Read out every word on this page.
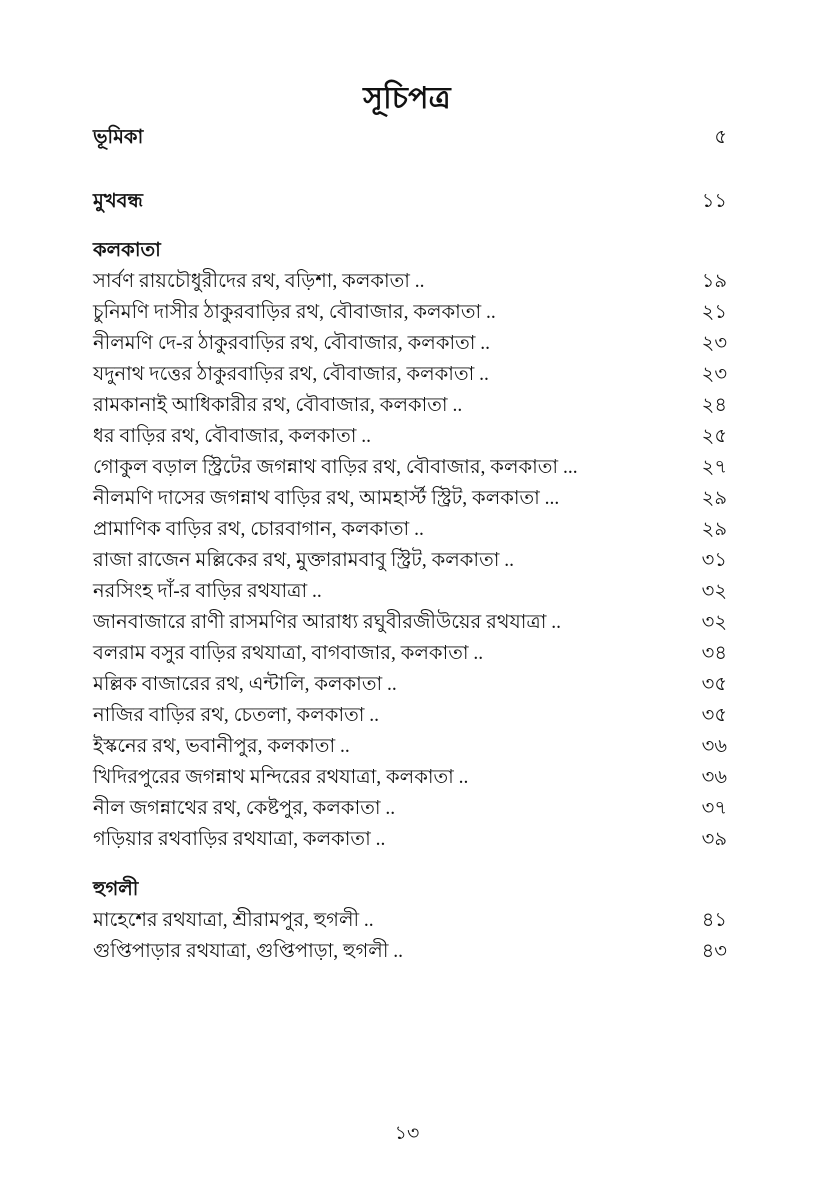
সূচিপত্র
ভূমিকা	৫
মুখবন্ধ	১১
কলকাতা
সার্বণ রায়চৌধুরীদের রথ, বড়িশা, কলকাতা ..	১৯
চুনিমণি দাসীর ঠাকুরবাড়ির রথ, বৌবাজার, কলকাতা ..	২১
নীলমণি দে-র ঠাকুরবাড়ির রথ, বৌবাজার, কলকাতা ..	২৩
যদুনাথ দত্তের ঠাকুরবাড়ির রথ, বৌবাজার, কলকাতা ..	২৩
রামকানাই আধিকারীর রথ, বৌবাজার, কলকাতা ..	২৪
ধর বাড়ির রথ, বৌবাজার, কলকাতা ..	২৫
গোকুল বড়াল স্ট্রিটের জগন্নাথ বাড়ির রথ, বৌবাজার, কলকাতা ...	২৭
নীলমণি দাসের জগন্নাথ বাড়ির রথ, আমহার্স্ট স্ট্রিট, কলকাতা ...	২৯
প্রামাণিক বাড়ির রথ, চোরবাগান, কলকাতা ..	২৯
রাজা রাজেন মল্লিকের রথ, মুক্তারামবাবু স্ট্রিট, কলকাতা ..	৩১
নরসিংহ দাঁ-র বাড়ির রথযাত্রা ..	৩২
জানবাজারে রাণী রাসমণির আরাধ্য রঘুবীরজীউয়ের রথযাত্রা ..	৩২
বলরাম বসুর বাড়ির রথযাত্রা, বাগবাজার, কলকাতা ..	৩৪
মল্লিক বাজারের রথ, এন্টালি, কলকাতা ..	৩৫
নাজির বাড়ির রথ, চেতলা, কলকাতা ..	৩৫
ইস্কনের রথ, ভবানীপুর, কলকাতা ..	৩৬
খিদিরপুরের জগন্নাথ মন্দিরের রথযাত্রা, কলকাতা ..	৩৬
নীল জগন্নাথের রথ, কেষ্টপুর, কলকাতা ..	৩৭
গড়িয়ার রথবাড়ির রথযাত্রা, কলকাতা ..	৩৯
হুগলী
মাহেশের রথযাত্রা, শ্রীরামপুর, হুগলী ..	৪১
গুপ্তিপাড়ার রথযাত্রা, গুপ্তিপাড়া, হুগলী ..	৪৩
১৩
